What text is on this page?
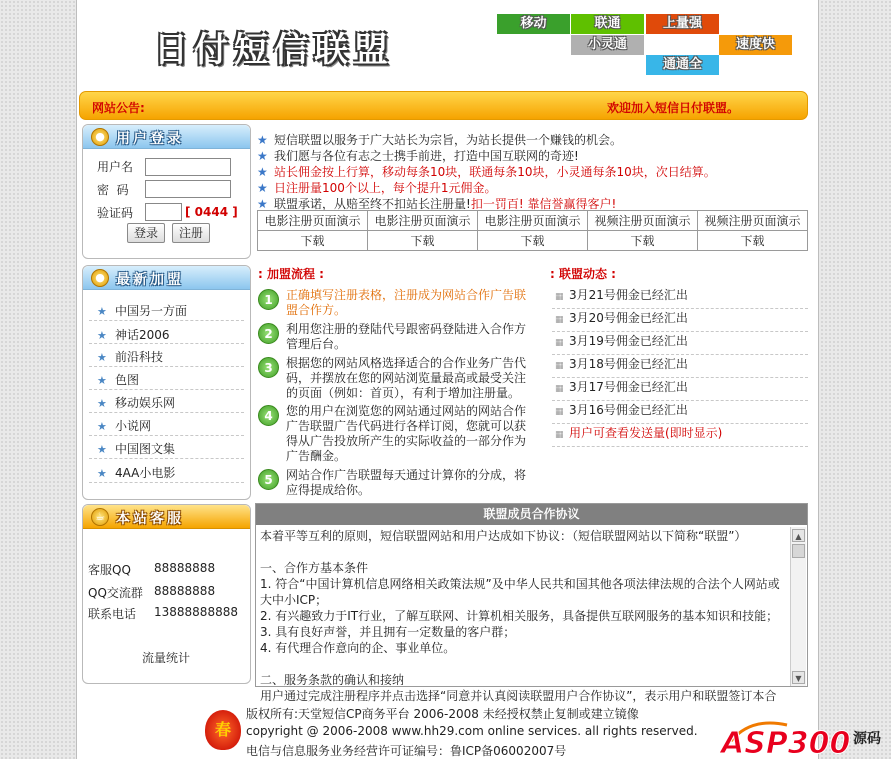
日付短信联盟
移动	联通	上量强
小灵通	速度快
通通全
网站公告:	欢迎加入短信日付联盟。
● 用户登录
用户名
密  码
验证码	[ 0444 ]
登录	注册
● 最新加盟
★ 中国另一方面
★ 神话2006
★ 前沿科技
★ 色图
★ 移动娱乐网
★ 小说网
★ 中国图文集
★ 4AA小电影
☕ 本站客服
客服QQ 88888888
QQ交流群 88888888
联系电话 13888888888
流量统计
★ 短信联盟以服务于广大站长为宗旨，为站长提供一个赚钱的机会。
★ 我们愿与各位有志之士携手前进，打造中国互联网的奇迹!
★ 站长佣金按上行算，移动每条10块，联通每条10块，小灵通每条10块，次日结算。
★ 日注册量100个以上，每个提升1元佣金。
★ 联盟承诺，从赔至终不扣站长注册量!扣一罚百! 靠信誉赢得客户!
电影注册页面演示	电影注册页面演示	电影注册页面演示	视频注册页面演示	视频注册页面演示
下载	下载	下载	下载	下载
: 加盟流程 :
1	正确填写注册表格，注册成为网站合作广告联盟合作方。
2	利用您注册的登陆代号跟密码登陆进入合作方管理后台。
3	根据您的网站风格选择适合的合作业务广告代码，并摆放在您的网站浏览量最高或最受关注的页面（例如：首页），有利于增加注册量。
4	您的用户在浏览您的网站通过网站的网站合作广告联盟广告代码进行各样订阅，您就可以获得从广告投放所产生的实际收益的一部分作为广告酬金。
5	网站合作广告联盟每天通过计算你的分成，将应得提成给你。
: 联盟动态 :
▦ 3月21号佣金已经汇出
▦ 3月20号佣金已经汇出
▦ 3月19号佣金已经汇出
▦ 3月18号佣金已经汇出
▦ 3月17号佣金已经汇出
▦ 3月16号佣金已经汇出
▦ 用户可查看发送量(即时显示)
联盟成员合作协议
本着平等互利的原则，短信联盟网站和用户达成如下协议：（短信联盟网站以下简称“联盟”）
一、合作方基本条件
1. 符合“中国计算机信息网络相关政策法规”及中华人民共和国其他各项法律法规的合法个人网站或大中小ICP；
2. 有兴趣致力于IT行业，了解互联网、计算机相关服务，具备提供互联网服务的基本知识和技能；
3. 具有良好声誉，并且拥有一定数量的客户群；
4. 有代理合作意向的企、事业单位。
二、服务条款的确认和接纳
用户通过完成注册程序并点击选择“同意并认真阅读联盟用户合作协议”，表示用户和联盟签订本合
▲
▼
春
版权所有:天堂短信CP商务平台 2006-2008 未经授权禁止复制或建立镜像
copyright @ 2006-2008 www.hh29.com online services. all rights reserved.
电信与信息服务业务经营许可证编号：鲁ICP备06002007号	ASP300 源码
